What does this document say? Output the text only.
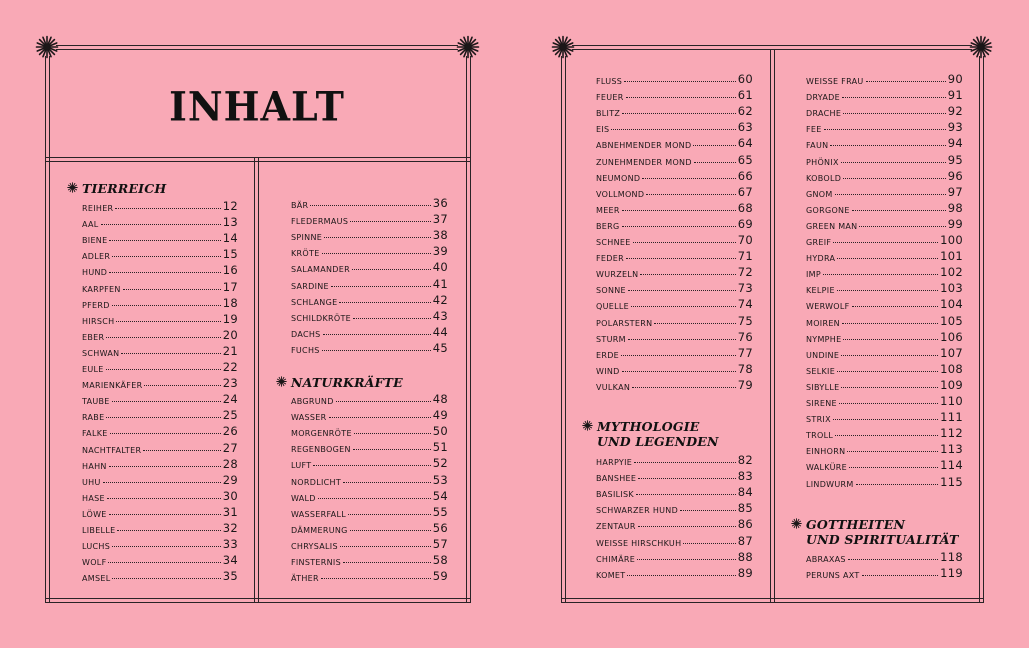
INHALT
TIERREICH
NATURKRÄFTE
MYTHOLOGIE
UND LEGENDEN
GOTTHEITEN
UND SPIRITUALITÄT
REIHER	12
AAL	13
BIENE	14
ADLER	15
HUND	16
KARPFEN	17
PFERD	18
HIRSCH	19
EBER	20
SCHWAN	21
EULE	22
MARIENKÄFER	23
TAUBE	24
RABE	25
FALKE	26
NACHTFALTER	27
HAHN	28
UHU	29
HASE	30
LÖWE	31
LIBELLE	32
LUCHS	33
WOLF	34
AMSEL	35
BÄR	36
FLEDERMAUS	37
SPINNE	38
KRÖTE	39
SALAMANDER	40
SARDINE	41
SCHLANGE	42
SCHILDKRÖTE	43
DACHS	44
FUCHS	45
ABGRUND	48
WASSER	49
MORGENRÖTE	50
REGENBOGEN	51
LUFT	52
NORDLICHT	53
WALD	54
WASSERFALL	55
DÄMMERUNG	56
CHRYSALIS	57
FINSTERNIS	58
ÄTHER	59
FLUSS	60
FEUER	61
BLITZ	62
EIS	63
ABNEHMENDER MOND	64
ZUNEHMENDER MOND	65
NEUMOND	66
VOLLMOND	67
MEER	68
BERG	69
SCHNEE	70
FEDER	71
WURZELN	72
SONNE	73
QUELLE	74
POLARSTERN	75
STURM	76
ERDE	77
WIND	78
VULKAN	79
HARPYIE	82
BANSHEE	83
BASILISK	84
SCHWARZER HUND	85
ZENTAUR	86
WEISSE HIRSCHKUH	87
CHIMÄRE	88
KOMET	89
WEISSE FRAU	90
DRYADE	91
DRACHE	92
FEE	93
FAUN	94
PHÖNIX	95
KOBOLD	96
GNOM	97
GORGONE	98
GREEN MAN	99
GREIF	100
HYDRA	101
IMP	102
KELPIE	103
WERWOLF	104
MOIREN	105
NYMPHE	106
UNDINE	107
SELKIE	108
SIBYLLE	109
SIRENE	110
STRIX	111
TROLL	112
EINHORN	113
WALKÜRE	114
LINDWURM	115
ABRAXAS	118
PERUNS AXT	119
